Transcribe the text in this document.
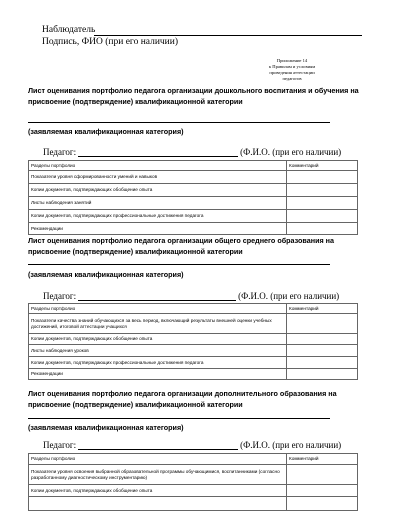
Наблюдатель
Подпись, ФИО (при его наличии)
Приложение 14
к Правилам и условиям
проведения аттестации
педагогов
Лист оценивания портфолио педагога организации дошкольного воспитания и обучения на присвоение (подтверждение) квалификационной категории
(заявляемая квалификационная категория)
Педагог:	(Ф.И.О. (при его наличии)
Разделы портфолио	Комментарий
Показатели уровня сформированности умений и навыков	
Копии документов, подтверждающих обобщение опыта	
Листы наблюдения занятий	
Копии документов, подтверждающих профессиональные достижения педагога	
Рекомендации	
Лист оценивания портфолио педагога организации общего среднего образования на присвоение (подтверждение) квалификационной категории
(заявляемая квалификационная категория)
Педагог:	(Ф.И.О. (при его наличии)
Разделы портфолио	Комментарий
Показатели качества знаний обучающихся за весь период, включающий результаты внешней оценки учебных достижений, итоговой аттестации учащихся	
Копии документов, подтверждающих обобщение опыта	
Листы наблюдения уроков	
Копии документов, подтверждающих профессиональные достижения педагога	
Рекомендации	
Лист оценивания портфолио педагога организации дополнительного образования на присвоение (подтверждение) квалификационной категории
(заявляемая квалификационная категория)
Педагог:	(Ф.И.О. (при его наличии)
Разделы портфолио	Комментарий
Показатели уровня освоения выбранной образовательной программы обучающимися, воспитанниками (согласно разработанному диагностическому инструментарию)	
Копии документов, подтверждающих обобщение опыта	
